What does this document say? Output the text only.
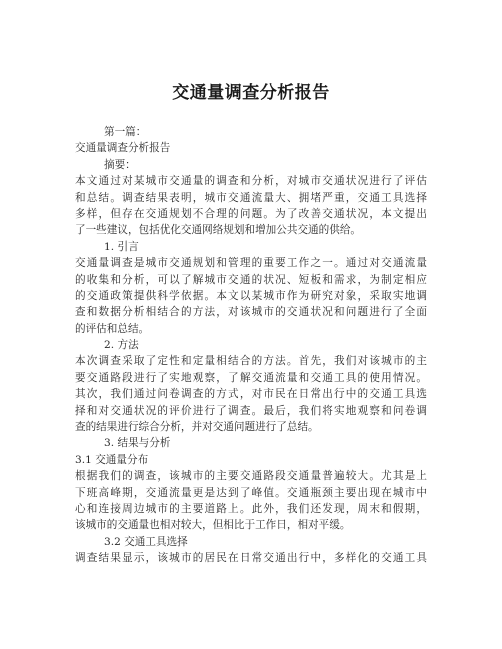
交通量调查分析报告
第一篇：
交通量调查分析报告
摘要：
本文通过对某城市交通量的调查和分析，对城市交通状况进行了评估
和总结。调查结果表明，城市交通流量大、拥堵严重，交通工具选择
多样，但存在交通规划不合理的问题。为了改善交通状况，本文提出
了一些建议，包括优化交通网络规划和增加公共交通的供给。
1. 引言
交通量调查是城市交通规划和管理的重要工作之一。通过对交通流量
的收集和分析，可以了解城市交通的状况、短板和需求，为制定相应
的交通政策提供科学依据。本文以某城市作为研究对象，采取实地调
查和数据分析相结合的方法，对该城市的交通状况和问题进行了全面
的评估和总结。
2. 方法
本次调查采取了定性和定量相结合的方法。首先，我们对该城市的主
要交通路段进行了实地观察，了解交通流量和交通工具的使用情况。
其次，我们通过问卷调查的方式，对市民在日常出行中的交通工具选
择和对交通状况的评价进行了调查。最后，我们将实地观察和问卷调
查的结果进行综合分析，并对交通问题进行了总结。
3. 结果与分析
3.1 交通量分布
根据我们的调查，该城市的主要交通路段交通量普遍较大。尤其是上
下班高峰期，交通流量更是达到了峰值。交通瓶颈主要出现在城市中
心和连接周边城市的主要道路上。此外，我们还发现，周末和假期，
该城市的交通量也相对较大，但相比于工作日，相对平缓。
3.2 交通工具选择
调查结果显示，该城市的居民在日常交通出行中，多样化的交通工具
